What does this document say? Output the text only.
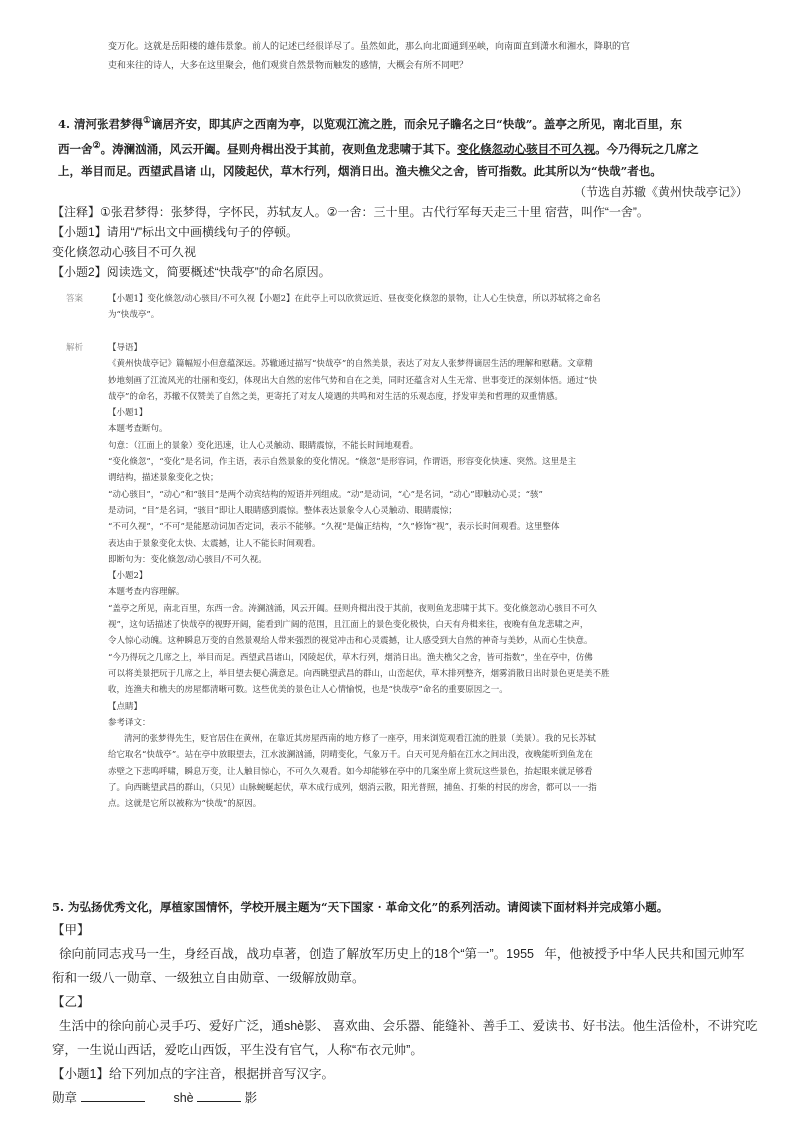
变万化。这就是岳阳楼的雄伟景象。前人的记述已经很详尽了。虽然如此，那么向北面通到巫峡，向南面直到潇水和湘水，降职的官
吏和来往的诗人，大多在这里聚会，他们观赏自然景物而触发的感情，大概会有所不同吧？

4. 清河张君梦得①谪居齐安，即其庐之西南为亭，以览观江流之胜，而余兄子瞻名之曰“快哉”。盖亭之所见，南北百里，东

西一舍②。涛澜汹涌，风云开阖。昼则舟楫出没于其前，夜则鱼龙悲啸于其下。变化倏忽动心骇目不可久视。今乃得玩之几席之

上，举目而足。西望武昌诸 山，冈陵起伏，草木行列，烟消日出。渔夫樵父之舍，皆可指数。此其所以为“快哉”者也。

（节选自苏辙《黄州快哉亭记》）
【注释】①张君梦得：张梦得，字怀民，苏轼友人。②一舍：三十里。古代行军每天走三十里 宿营，叫作“一舍”。
【小题1】请用“/”标出文中画横线句子的停顿。
变化倏忽动心骇目不可久视
【小题2】阅读选文，简要概述“快哉亭”的命名原因。
答案	【小题1】变化倏忽/动心骇目/不可久视【小题2】在此亭上可以欣赏远近、昼夜变化倏忽的景物，让人心生快意，所以苏轼将之命名
为“快哉亭”。
解析	【导语】
《黄州快哉亭记》篇幅短小但意蕴深远。苏辙通过描写“快哉亭”的自然美景，表达了对友人张梦得谪居生活的理解和慰藉。文章精
妙地刻画了江流风光的壮丽和变幻，体现出大自然的宏伟气势和自在之美，同时还蕴含对人生无常、世事变迁的深刻体悟。通过“快
哉亭”的命名，苏辙不仅赞美了自然之美，更寄托了对友人境遇的共鸣和对生活的乐观态度，抒发审美和哲理的双重情感。
【小题1】
本题考查断句。
句意：（江面上的景象）变化迅速，让人心灵触动、眼睛震惊，不能长时间地观看。
“变化倏忽”，“变化”是名词，作主语，表示自然景象的变化情况。“倏忽”是形容词，作谓语，形容变化快速、突然。这里是主
谓结构，描述景象变化之快；
“动心骇目”，“动心”和“骇目”是两个动宾结构的短语并列组成。“动”是动词，“心”是名词，“动心”即触动心灵；“骇”
是动词，“目”是名词，“骇目”即让人眼睛感到震惊。整体表达景象令人心灵触动、眼睛震惊；
“不可久视”，“不可”是能愿动词加否定词，表示不能够。“久视”是偏正结构，“久”修饰“视”，表示长时间观看。这里整体
表达由于景象变化太快、太震撼，让人不能长时间观看。
即断句为：变化倏忽/动心骇目/不可久视。
【小题2】
本题考查内容理解。
“盖亭之所见，南北百里，东西一舍。涛澜汹涌，风云开阖。昼则舟楫出没于其前，夜则鱼龙悲啸于其下。变化倏忽动心骇目不可久
视”，这句话描述了快哉亭的视野开阔，能看到广阔的范围，且江面上的景色变化极快，白天有舟楫来往，夜晚有鱼龙悲啸之声，
令人惊心动魄。这种瞬息万变的自然景观给人带来强烈的视觉冲击和心灵震撼，让人感受到大自然的神奇与美妙，从而心生快意。
“今乃得玩之几席之上，举目而足。西望武昌诸山，冈陵起伏，草木行列，烟消日出。渔夫樵父之舍，皆可指数”，坐在亭中，仿佛
可以将美景把玩于几席之上，举目望去便心满意足。向西眺望武昌的群山，山峦起伏，草木排列整齐，烟雾消散日出时景色更是美不胜
收，连渔夫和樵夫的房屋都清晰可数。这些优美的景色让人心情愉悦，也是“快哉亭”命名的重要原因之一。
【点睛】
参考译文：
清河的张梦得先生，贬官居住在黄州，在靠近其房屋西南的地方修了一座亭，用来浏览观看江流的胜景（美景）。我的兄长苏轼
给它取名“快哉亭”。站在亭中放眼望去，江水波澜汹涌，阴晴变化，气象万千。白天可见舟船在江水之间出没，夜晚能听到鱼龙在
赤壁之下悲鸣呼啸，瞬息万变，让人触目惊心，不可久久观看。如今却能够在亭中的几案坐席上赏玩这些景色，抬起眼来就足够看
了。向西眺望武昌的群山，（只见）山脉蜿蜒起伏，草木成行成列，烟消云散，阳光普照，捕鱼、打柴的村民的房舍，都可以一一指
点。这就是它所以被称为“快哉”的原因。
5. 为弘扬优秀文化，厚植家国情怀，学校开展主题为“天下国家 · 革命文化”的系列活动。请阅读下面材料并完成第小题。
【甲】
徐向前同志戎马一生，身经百战，战功卓著，创造了解放军历史上的18个“第一”。1955   年，他被授予中华人民共和国元帅军
衔和一级八一勋章、一级独立自由勋章、一级解放勋章。
【乙】
生活中的徐向前心灵手巧、爱好广泛，通shè影、 喜欢曲、会乐器、能缝补、善手工、爱读书、好书法。他生活俭朴，不讲究吃
穿，一生说山西话，爱吃山西饭，平生没有官气，人称“布衣元帅”。
【小题1】给下列加点的字注音，根据拼音写汉字。
勋章	shè	影
